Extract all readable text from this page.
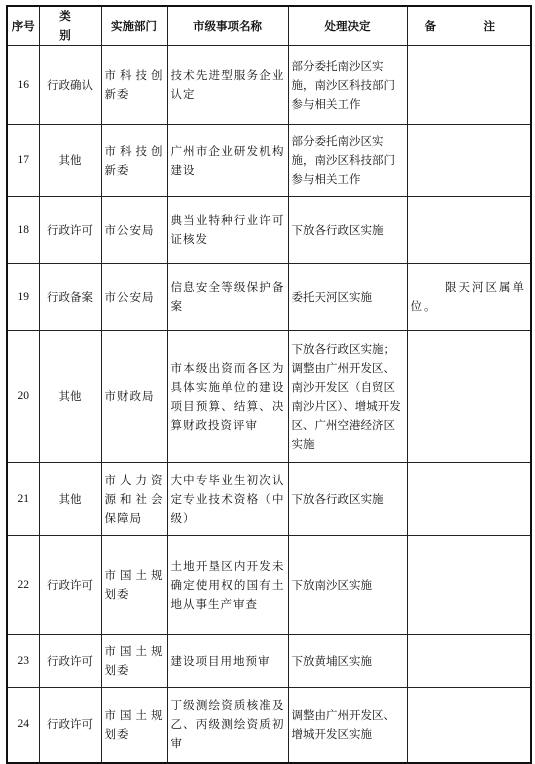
序号	类　别	实施部门	市级事项名称	处理决定	备　注
16	行政确认	市科技创新委	技术先进型服务企业认定	部分委托南沙区实施，南沙区科技部门参与相关工作	
17	其他	市科技创新委	广州市企业研发机构建设	部分委托南沙区实施，南沙区科技部门参与相关工作	
18	行政许可	市公安局	典当业特种行业许可证核发	下放各行政区实施	
19	行政备案	市公安局	信息安全等级保护备案	委托天河区实施	限天河区属单位。

20	其他	市财政局	市本级出资而各区为具体实施单位的建设项目预算、结算、决算财政投资评审	下放各行政区实施；调整由广州开发区、南沙开发区（自贸区南沙片区）、增城开发区、广州空港经济区实施	
21	其他	市人力资源和社会保障局	大中专毕业生初次认定专业技术资格（中级）	下放各行政区实施	
22	行政许可	市国土规划委	土地开垦区内开发未确定使用权的国有土地从事生产审查	下放南沙区实施	
23	行政许可	市国土规划委	建设项目用地预审	下放黄埔区实施	
24	行政许可	市国土规划委	丁级测绘资质核准及乙、丙级测绘资质初审	调整由广州开发区、增城开发区实施	
